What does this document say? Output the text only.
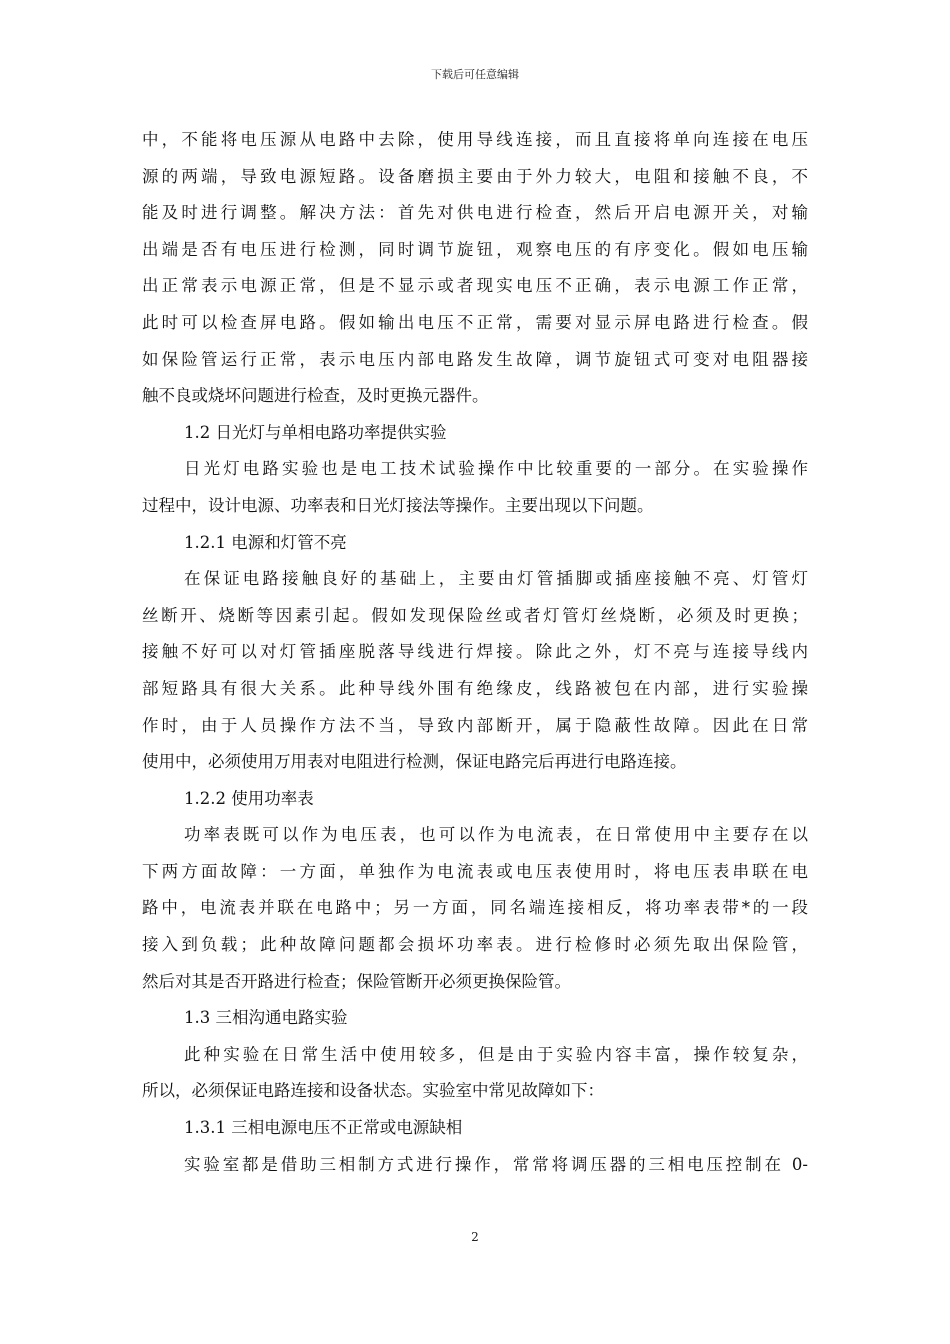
下载后可任意编辑
中，不能将电压源从电路中去除，使用导线连接，而且直接将单向连接在电压
源的两端，导致电源短路。设备磨损主要由于外力较大，电阻和接触不良，不
能及时进行调整。解决方法：首先对供电进行检查，然后开启电源开关，对输
出端是否有电压进行检测，同时调节旋钮，观察电压的有序变化。假如电压输
出正常表示电源正常，但是不显示或者现实电压不正确，表示电源工作正常，
此时可以检查屏电路。假如输出电压不正常，需要对显示屏电路进行检查。假
如保险管运行正常，表示电压内部电路发生故障，调节旋钮式可变对电阻器接
触不良或烧坏问题进行检查，及时更换元器件。
1.2 日光灯与单相电路功率提供实验
日光灯电路实验也是电工技术试验操作中比较重要的一部分。在实验操作
过程中，设计电源、功率表和日光灯接法等操作。主要出现以下问题。
1.2.1 电源和灯管不亮
在保证电路接触良好的基础上，主要由灯管插脚或插座接触不亮、灯管灯
丝断开、烧断等因素引起。假如发现保险丝或者灯管灯丝烧断，必须及时更换；
接触不好可以对灯管插座脱落导线进行焊接。除此之外，灯不亮与连接导线内
部短路具有很大关系。此种导线外围有绝缘皮，线路被包在内部，进行实验操
作时，由于人员操作方法不当，导致内部断开，属于隐蔽性故障。因此在日常
使用中，必须使用万用表对电阻进行检测，保证电路完后再进行电路连接。
1.2.2 使用功率表
功率表既可以作为电压表，也可以作为电流表，在日常使用中主要存在以
下两方面故障：一方面，单独作为电流表或电压表使用时，将电压表串联在电
路中，电流表并联在电路中；另一方面，同名端连接相反，将功率表带*的一段
接入到负载；此种故障问题都会损坏功率表。进行检修时必须先取出保险管，
然后对其是否开路进行检查；保险管断开必须更换保险管。
1.3 三相沟通电路实验
此种实验在日常生活中使用较多，但是由于实验内容丰富，操作较复杂，
所以，必须保证电路连接和设备状态。实验室中常见故障如下：
1.3.1 三相电源电压不正常或电源缺相
实验室都是借助三相制方式进行操作，常常将调压器的三相电压控制在 0-
2
